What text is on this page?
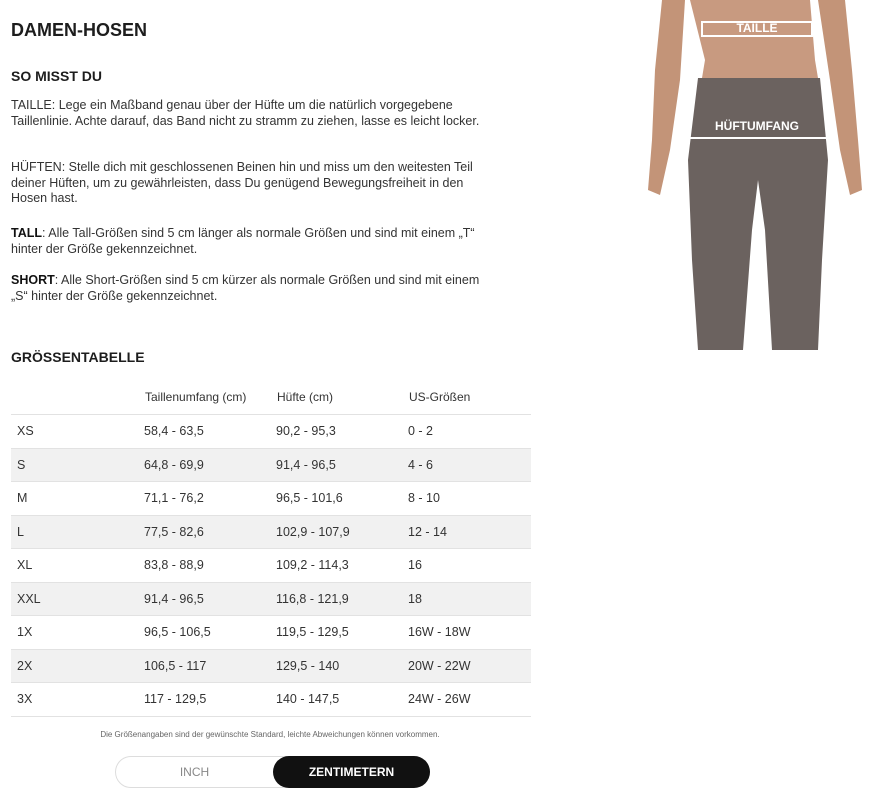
DAMEN-HOSEN
SO MISST DU
TAILLE: Lege ein Maßband genau über der Hüfte um die natürlich vorgegebene Taillenlinie. Achte darauf, das Band nicht zu stramm zu ziehen, lasse es leicht locker.
HÜFTEN: Stelle dich mit geschlossenen Beinen hin und miss um den weitesten Teil deiner Hüften, um zu gewährleisten, dass Du genügend Bewegungsfreiheit in den Hosen hast.
TALL: Alle Tall-Größen sind 5 cm länger als normale Größen und sind mit einem „T“ hinter der Größe gekennzeichnet.
SHORT: Alle Short-Größen sind 5 cm kürzer als normale Größen und sind mit einem „S“ hinter der Größe gekennzeichnet.
GRÖSSENTABELLE
	Taillenumfang (cm)	Hüfte (cm)	US-Größen
XS	58,4 - 63,5	90,2 - 95,3	0 - 2
S	64,8 - 69,9	91,4 - 96,5	4 - 6
M	71,1 - 76,2	96,5 - 101,6	8 - 10
L	77,5 - 82,6	102,9 - 107,9	12 - 14
XL	83,8 - 88,9	109,2 - 114,3	16
XXL	91,4 - 96,5	116,8 - 121,9	18
1X	96,5 - 106,5	119,5 - 129,5	16W - 18W
2X	106,5 - 117	129,5 - 140	20W - 22W
3X	117 - 129,5	140 - 147,5	24W - 26W
Die Größenangaben sind der gewünschte Standard, leichte Abweichungen können vorkommen.
INCH	ZENTIMETERN
TAILLE
HÜFTUMFANG
